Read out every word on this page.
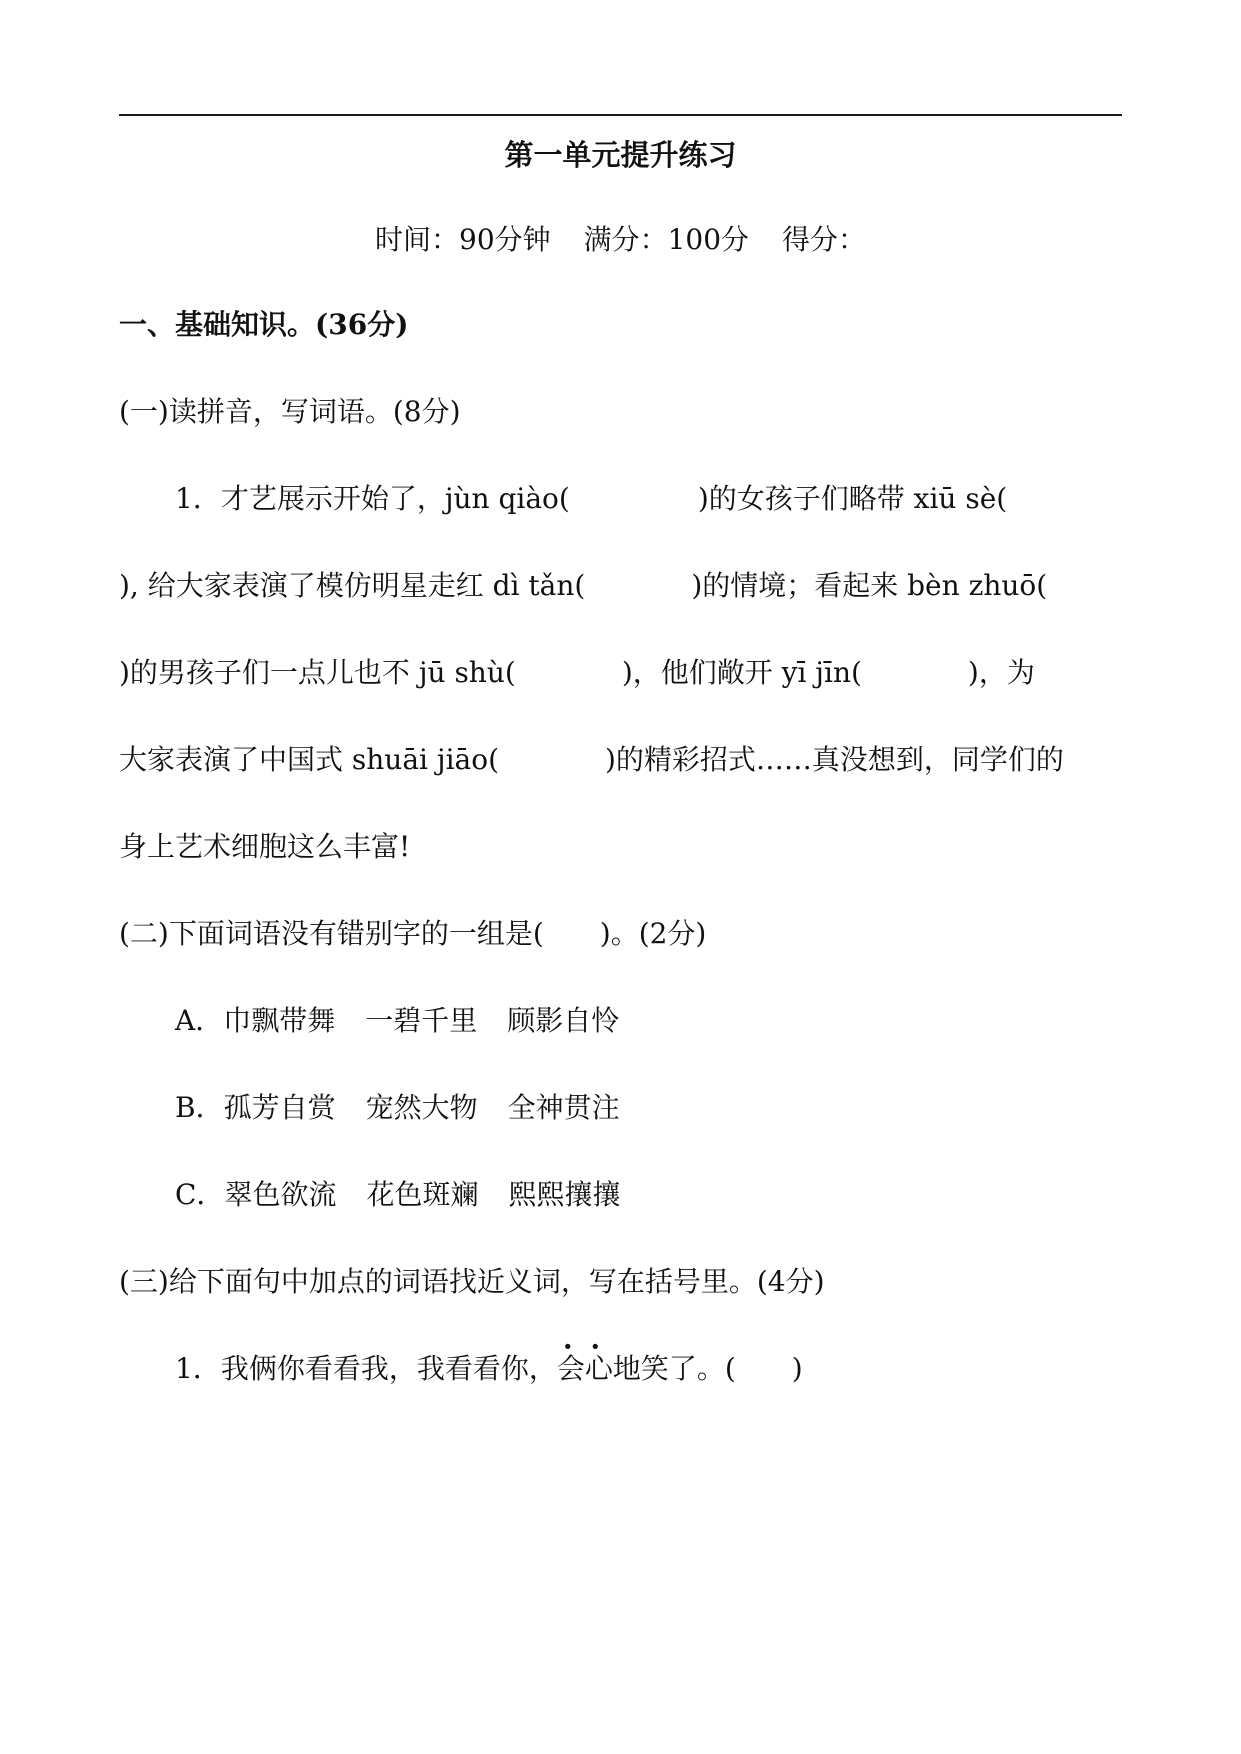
第一单元提升练习
时间：90分钟 满分：100分 得分：
一、基础知识。(36分)
(一)读拼音，写词语。(8分)
1．才艺展示开始了，jùn qiào(	)的女孩子们略带 xiū sè(
), 给大家表演了模仿明星走红 dì tǎn(	)的情境；看起来 bèn zhuō(
)的男孩子们一点儿也不 jū shù(	)，他们敞开 yī jīn(	)，为
大家表演了中国式 shuāi jiāo(	)的精彩招式……真没想到，同学们的
身上艺术细胞这么丰富!
(二)下面词语没有错别字的一组是(　　)。(2分)
A．巾飘带舞 一碧千里 顾影自怜
B．孤芳自赏 宠然大物 全神贯注
C．翠色欲流 花色斑斓 熙熙攘攘
(三)给下面句中加点的词语找近义词，写在括号里。(4分)
1．我俩你看看我，我看看你，· · 会心地笑了。(　　)
